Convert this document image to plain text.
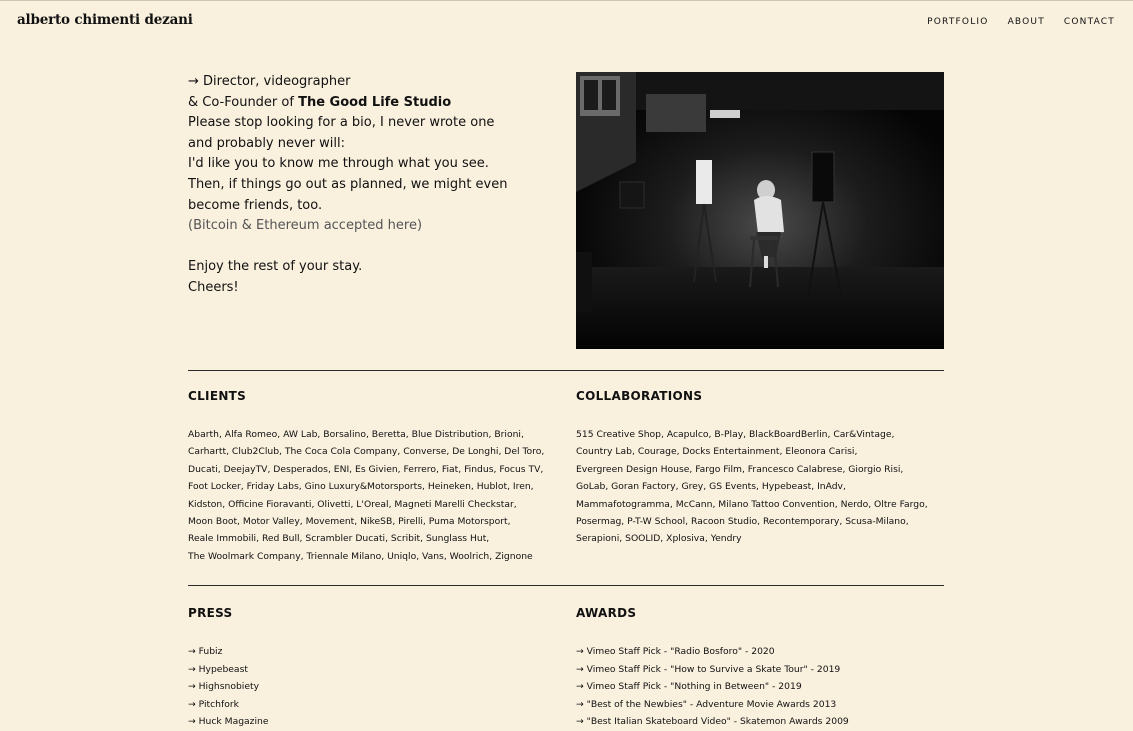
alberto chimenti dezani	PORTFOLIO ABOUT CONTACT

→ Director, videographer

& Co-Founder of The Good Life Studio

Please stop looking for a bio, I never wrote one

and probably never will:

I'd like you to know me through what you see.

Then, if things go out as planned, we might even

become friends, too.

(Bitcoin & Ethereum accepted here)

Enjoy the rest of your stay.

Cheers!

CLIENTS
Abarth, Alfa Romeo, AW Lab, Borsalino, Beretta, Blue Distribution, Brioni,
Carhartt, Club2Club, The Coca Cola Company, Converse, De Longhi, Del Toro,
Ducati, DeejayTV, Desperados, ENI, Es Givien, Ferrero, Fiat, Findus, Focus TV,
Foot Locker, Friday Labs, Gino Luxury&Motorsports, Heineken, Hublot, Iren,
Kidston, Officine Fioravanti, Olivetti, L'Oreal, Magneti Marelli Checkstar,
Moon Boot, Motor Valley, Movement, NikeSB, Pirelli, Puma Motorsport,
Reale Immobili, Red Bull, Scrambler Ducati, Scribit, Sunglass Hut,
The Woolmark Company, Triennale Milano, Uniqlo, Vans, Woolrich, Zignone
COLLABORATIONS
515 Creative Shop, Acapulco, B-Play, BlackBoardBerlin, Car&Vintage,
Country Lab, Courage, Docks Entertainment, Eleonora Carisi,
Evergreen Design House, Fargo Film, Francesco Calabrese, Giorgio Risi,
GoLab, Goran Factory, Grey, GS Events, Hypebeast, InAdv,
Mammafotogramma, McCann, Milano Tattoo Convention, Nerdo, Oltre Fargo,
Posermag, P-T-W School, Racoon Studio, Recontemporary, Scusa-Milano,
Serapioni, SOOLID, Xplosiva, Yendry
PRESS
→ Fubiz
→ Hypebeast
→ Highsnobiety
→ Pitchfork
→ Huck Magazine
AWARDS
→ Vimeo Staff Pick - "Radio Bosforo" - 2020
→ Vimeo Staff Pick - "How to Survive a Skate Tour" - 2019
→ Vimeo Staff Pick - "Nothing in Between" - 2019
→ "Best of the Newbies" - Adventure Movie Awards 2013
→ "Best Italian Skateboard Video" - Skatemon Awards 2009
